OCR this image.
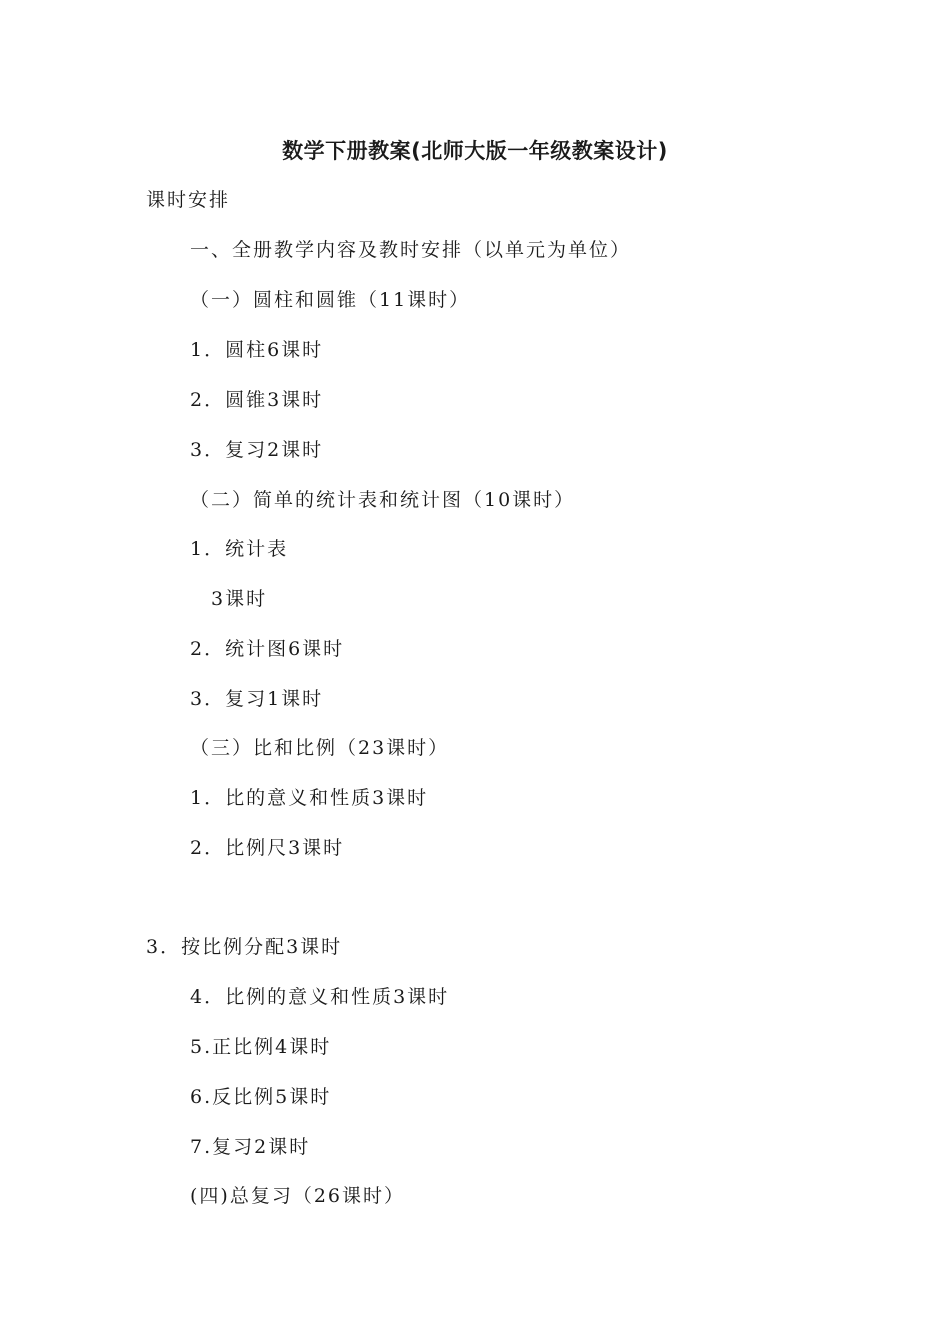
数学下册教案(北师大版一年级教案设计)
课时安排
一、全册教学内容及教时安排（以单元为单位）
（一）圆柱和圆锥（11课时）
1．圆柱6课时
2．圆锥3课时
3．复习2课时
（二）简单的统计表和统计图（10课时）
1．统计表
3课时
2．统计图6课时
3．复习1课时
（三）比和比例（23课时）
1．比的意义和性质3课时
2．比例尺3课时
3．按比例分配3课时
4．比例的意义和性质3课时
5.正比例4课时
6.反比例5课时
7.复习2课时
(四)总复习（26课时）
